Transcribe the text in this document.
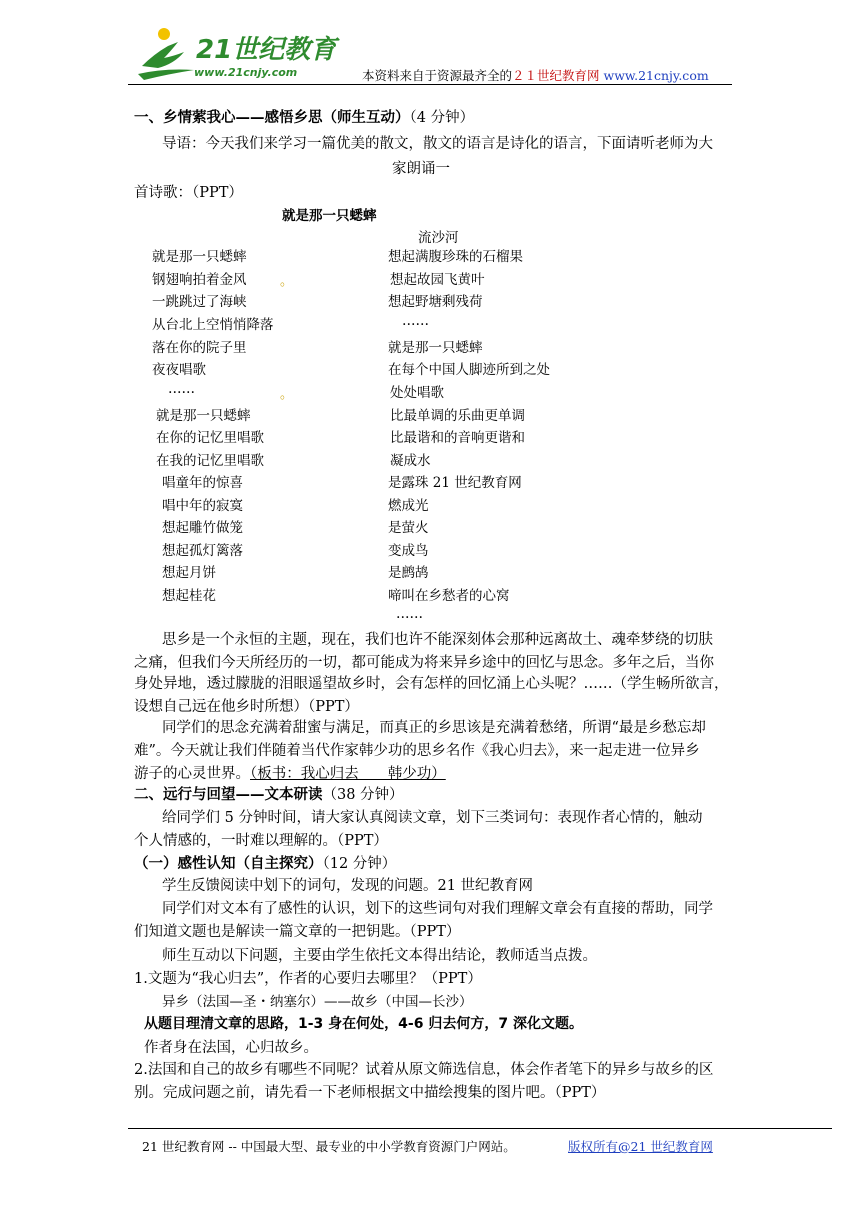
21世纪教育
www.21cnjy.com	本资料来自于资源最齐全的２１世纪教育网 www.21cnjy.com
一、乡情萦我心——感悟乡思（师生互动）（4 分钟）
导语：今天我们来学习一篇优美的散文，散文的语言是诗化的语言，下面请听老师为大
家朗诵一
首诗歌：（PPT）
就是那一只蟋蟀
流沙河
就是那一只蟋蟀
钢翅响拍着金风
一跳跳过了海峡
从台北上空悄悄降落
落在你的院子里
夜夜唱歌
……
就是那一只蟋蟀
在你的记忆里唱歌
在我的记忆里唱歌
唱童年的惊喜
唱中年的寂寞
想起雕竹做笼
想起孤灯篱落
想起月饼
想起桂花
想起满腹珍珠的石榴果
想起故园飞黄叶
想起野塘剩残荷
……
就是那一只蟋蟀
在每个中国人脚迹所到之处
处处唱歌
比最单调的乐曲更单调
比最谐和的音响更谐和
凝成水
是露珠 21 世纪教育网
燃成光
是萤火
变成鸟
是鹧鸪
啼叫在乡愁者的心窝
……
。
。
思乡是一个永恒的主题，现在，我们也许不能深刻体会那种远离故土、魂牵梦绕的切肤
之痛，但我们今天所经历的一切，都可能成为将来异乡途中的回忆与思念。多年之后，当你
身处异地，透过朦胧的泪眼遥望故乡时，会有怎样的回忆涌上心头呢？……（学生畅所欲言，
设想自己远在他乡时所想）（PPT）
同学们的思念充满着甜蜜与满足，而真正的乡思该是充满着愁绪，所谓“最是乡愁忘却
难”。今天就让我们伴随着当代作家韩少功的思乡名作《我心归去》，来一起走进一位异乡
游子的心灵世界。（板书：我心归去　　韩少功）
二、远行与回望——文本研读（38 分钟）
给同学们 5 分钟时间，请大家认真阅读文章，划下三类词句：表现作者心情的，触动
个人情感的，一时难以理解的。（PPT）
（一）感性认知（自主探究）（12 分钟）
学生反馈阅读中划下的词句，发现的问题。21 世纪教育网
同学们对文本有了感性的认识，划下的这些词句对我们理解文章会有直接的帮助，同学
们知道文题也是解读一篇文章的一把钥匙。（PPT）
师生互动以下问题，主要由学生依托文本得出结论，教师适当点拨。
1.文题为“我心归去”，作者的心要归去哪里？（PPT）
异乡（法国—圣・纳塞尔）——故乡（中国—长沙）
从题目理清文章的思路，1-3 身在何处，4-6 归去何方，7 深化文题。
作者身在法国，心归故乡。
2.法国和自己的故乡有哪些不同呢？试着从原文筛选信息，体会作者笔下的异乡与故乡的区
别。完成问题之前，请先看一下老师根据文中描绘搜集的图片吧。（PPT）
21 世纪教育网 -- 中国最大型、最专业的中小学教育资源门户网站。	版权所有@21 世纪教育网
